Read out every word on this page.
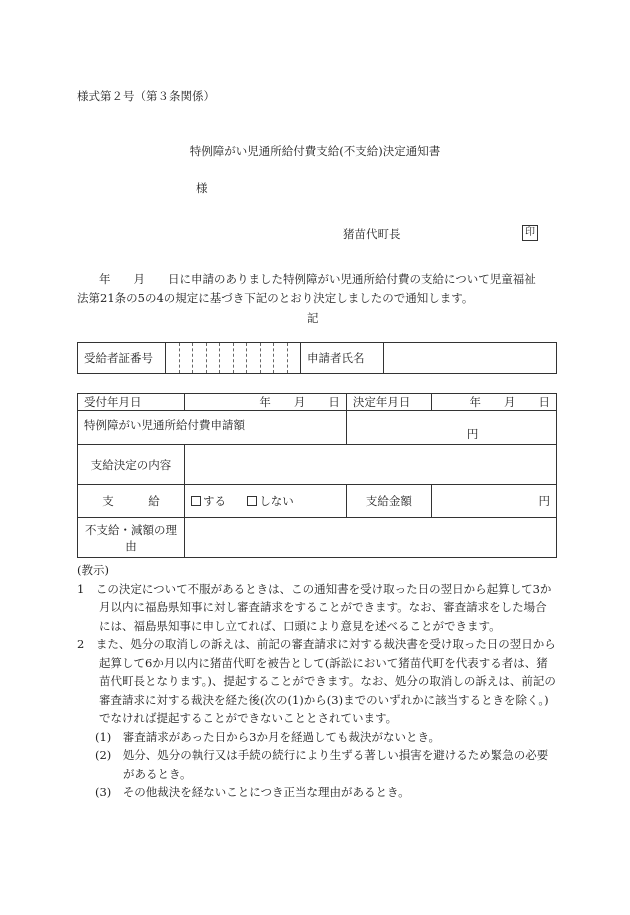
様式第２号（第３条関係）
特例障がい児通所給付費支給(不支給)決定通知書
様
猪苗代町長	印
年　　月　　日に申請のありました特例障がい児通所給付費の支給について児童福祉
法第21条の5の4の規定に基づき下記のとおり決定しましたので通知します。
記
受給者証番号		申請者氏名	
受付年月日	年　　月　　日	決定年月日	年　　月　　日
特例障がい児通所給付費申請額		円	
支給決定の内容			
支　　　給	する しない	支給金額	円
不支給・減額の理由			

(教示)

1　この決定について不服があるときは、この通知書を受け取った日の翌日から起算して3か月以内に福島県知事に対し審査請求をすることができます。なお、審査請求をした場合には、福島県知事に申し立てれば、口頭により意見を述べることができます。

2　また、処分の取消しの訴えは、前記の審査請求に対する裁決書を受け取った日の翌日から起算して6か月以内に猪苗代町を被告として(訴訟において猪苗代町を代表する者は、猪苗代町長となります。)、提起することができます。なお、処分の取消しの訴えは、前記の審査請求に対する裁決を経た後(次の(1)から(3)までのいずれかに該当するときを除く。)でなければ提起することができないこととされています。

(1)　審査請求があった日から3か月を経過しても裁決がないとき。

(2)　処分、処分の執行又は手続の続行により生ずる著しい損害を避けるため緊急の必要があるとき。

(3)　その他裁決を経ないことにつき正当な理由があるとき。
